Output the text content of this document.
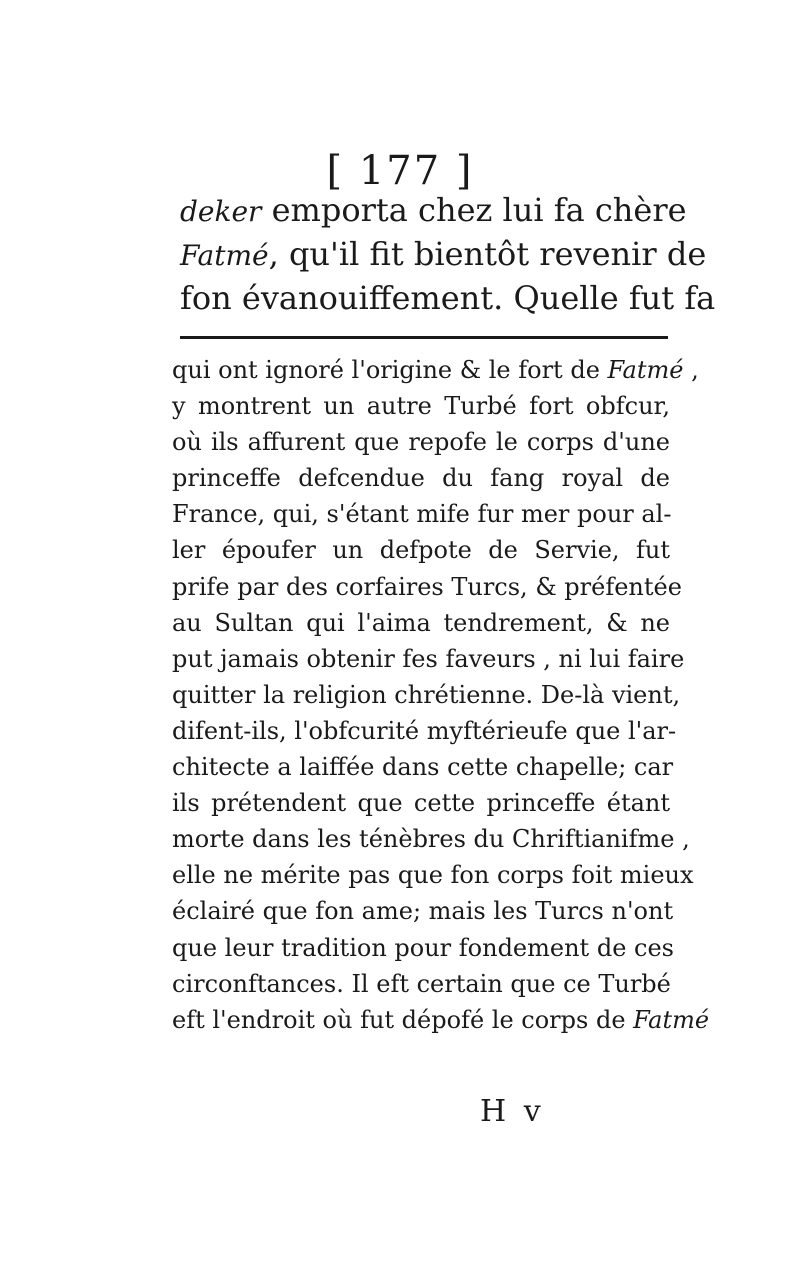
[ 177 ]
deker emporta chez lui fa chère
Fatmé, qu'il fit bientôt revenir de
fon évanouiffement. Quelle fut fa
qui ont ignoré l'origine & le fort de Fatmé ,
y montrent un autre Turbé fort obfcur,
où ils affurent que repofe le corps d'une
princeffe defcendue du fang royal de
France, qui, s'étant mife fur mer pour al-
ler époufer un defpote de Servie, fut
prife par des corfaires Turcs, & préfentée
au Sultan qui l'aima tendrement, & ne
put jamais obtenir fes faveurs , ni lui faire
quitter la religion chrétienne. De-là vient,
difent-ils, l'obfcurité myftérieufe que l'ar-
chitecte a laiffée dans cette chapelle; car
ils prétendent que cette princeffe étant
morte dans les ténèbres du Chriftianifme ,
elle ne mérite pas que fon corps foit mieux
éclairé que fon ame; mais les Turcs n'ont
que leur tradition pour fondement de ces
circonftances. Il eft certain que ce Turbé
eft l'endroit où fut dépofé le corps de Fatmé
H v
